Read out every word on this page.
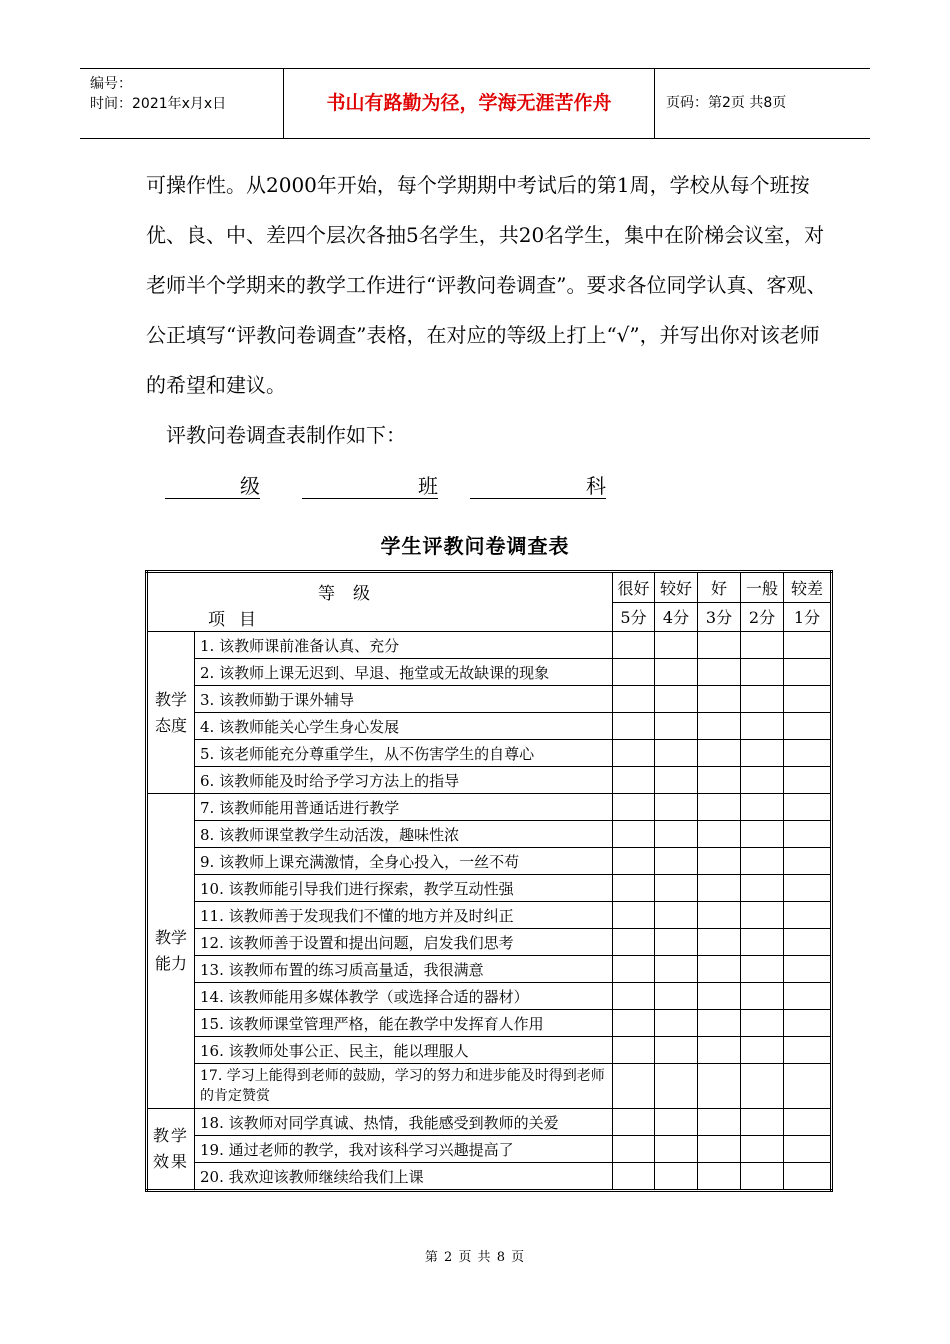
编号：
时间：2021年x月x日	书山有路勤为径，学海无涯苦作舟	页码：第2页 共8页
可操作性。从2000年开始，每个学期期中考试后的第1周，学校从每个班按优、良、中、差四个层次各抽5名学生，共20名学生，集中在阶梯会议室，对老师半个学期来的教学工作进行“评教问卷调查”。要求各位同学认真、客观、公正填写“评教问卷调查”表格，在对应的等级上打上“√”，并写出你对该老师的希望和建议。
评教问卷调查表制作如下：
级	班	科
学生评教问卷调查表
等级
项目		很好	较好	好	一般	较差
		5分	4分	3分	2分	1分
教学态度	1. 该教师课前准备认真、充分					
	2. 该教师上课无迟到、早退、拖堂或无故缺课的现象					
	3. 该教师勤于课外辅导					
	4. 该教师能关心学生身心发展					
	5. 该老师能充分尊重学生，从不伤害学生的自尊心					
	6. 该教师能及时给予学习方法上的指导					
教学能力	7. 该教师能用普通话进行教学					
	8. 该教师课堂教学生动活泼，趣味性浓					
	9. 该教师上课充满激情，全身心投入，一丝不苟					
	10. 该教师能引导我们进行探索，教学互动性强					
	11. 该教师善于发现我们不懂的地方并及时纠正					
	12. 该教师善于设置和提出问题，启发我们思考					
	13. 该教师布置的练习质高量适，我很满意					
	14. 该教师能用多媒体教学（或选择合适的器材）					
	15. 该教师课堂管理严格，能在教学中发挥育人作用					
	16. 该教师处事公正、民主，能以理服人					
	17. 学习上能得到老师的鼓励，学习的努力和进步能及时得到老师的肯定赞赏					
教学效果	18. 该教师对同学真诚、热情，我能感受到教师的关爱					
	19. 通过老师的教学，我对该科学习兴趣提高了					
	20. 我欢迎该教师继续给我们上课					
第 2 页 共 8 页
